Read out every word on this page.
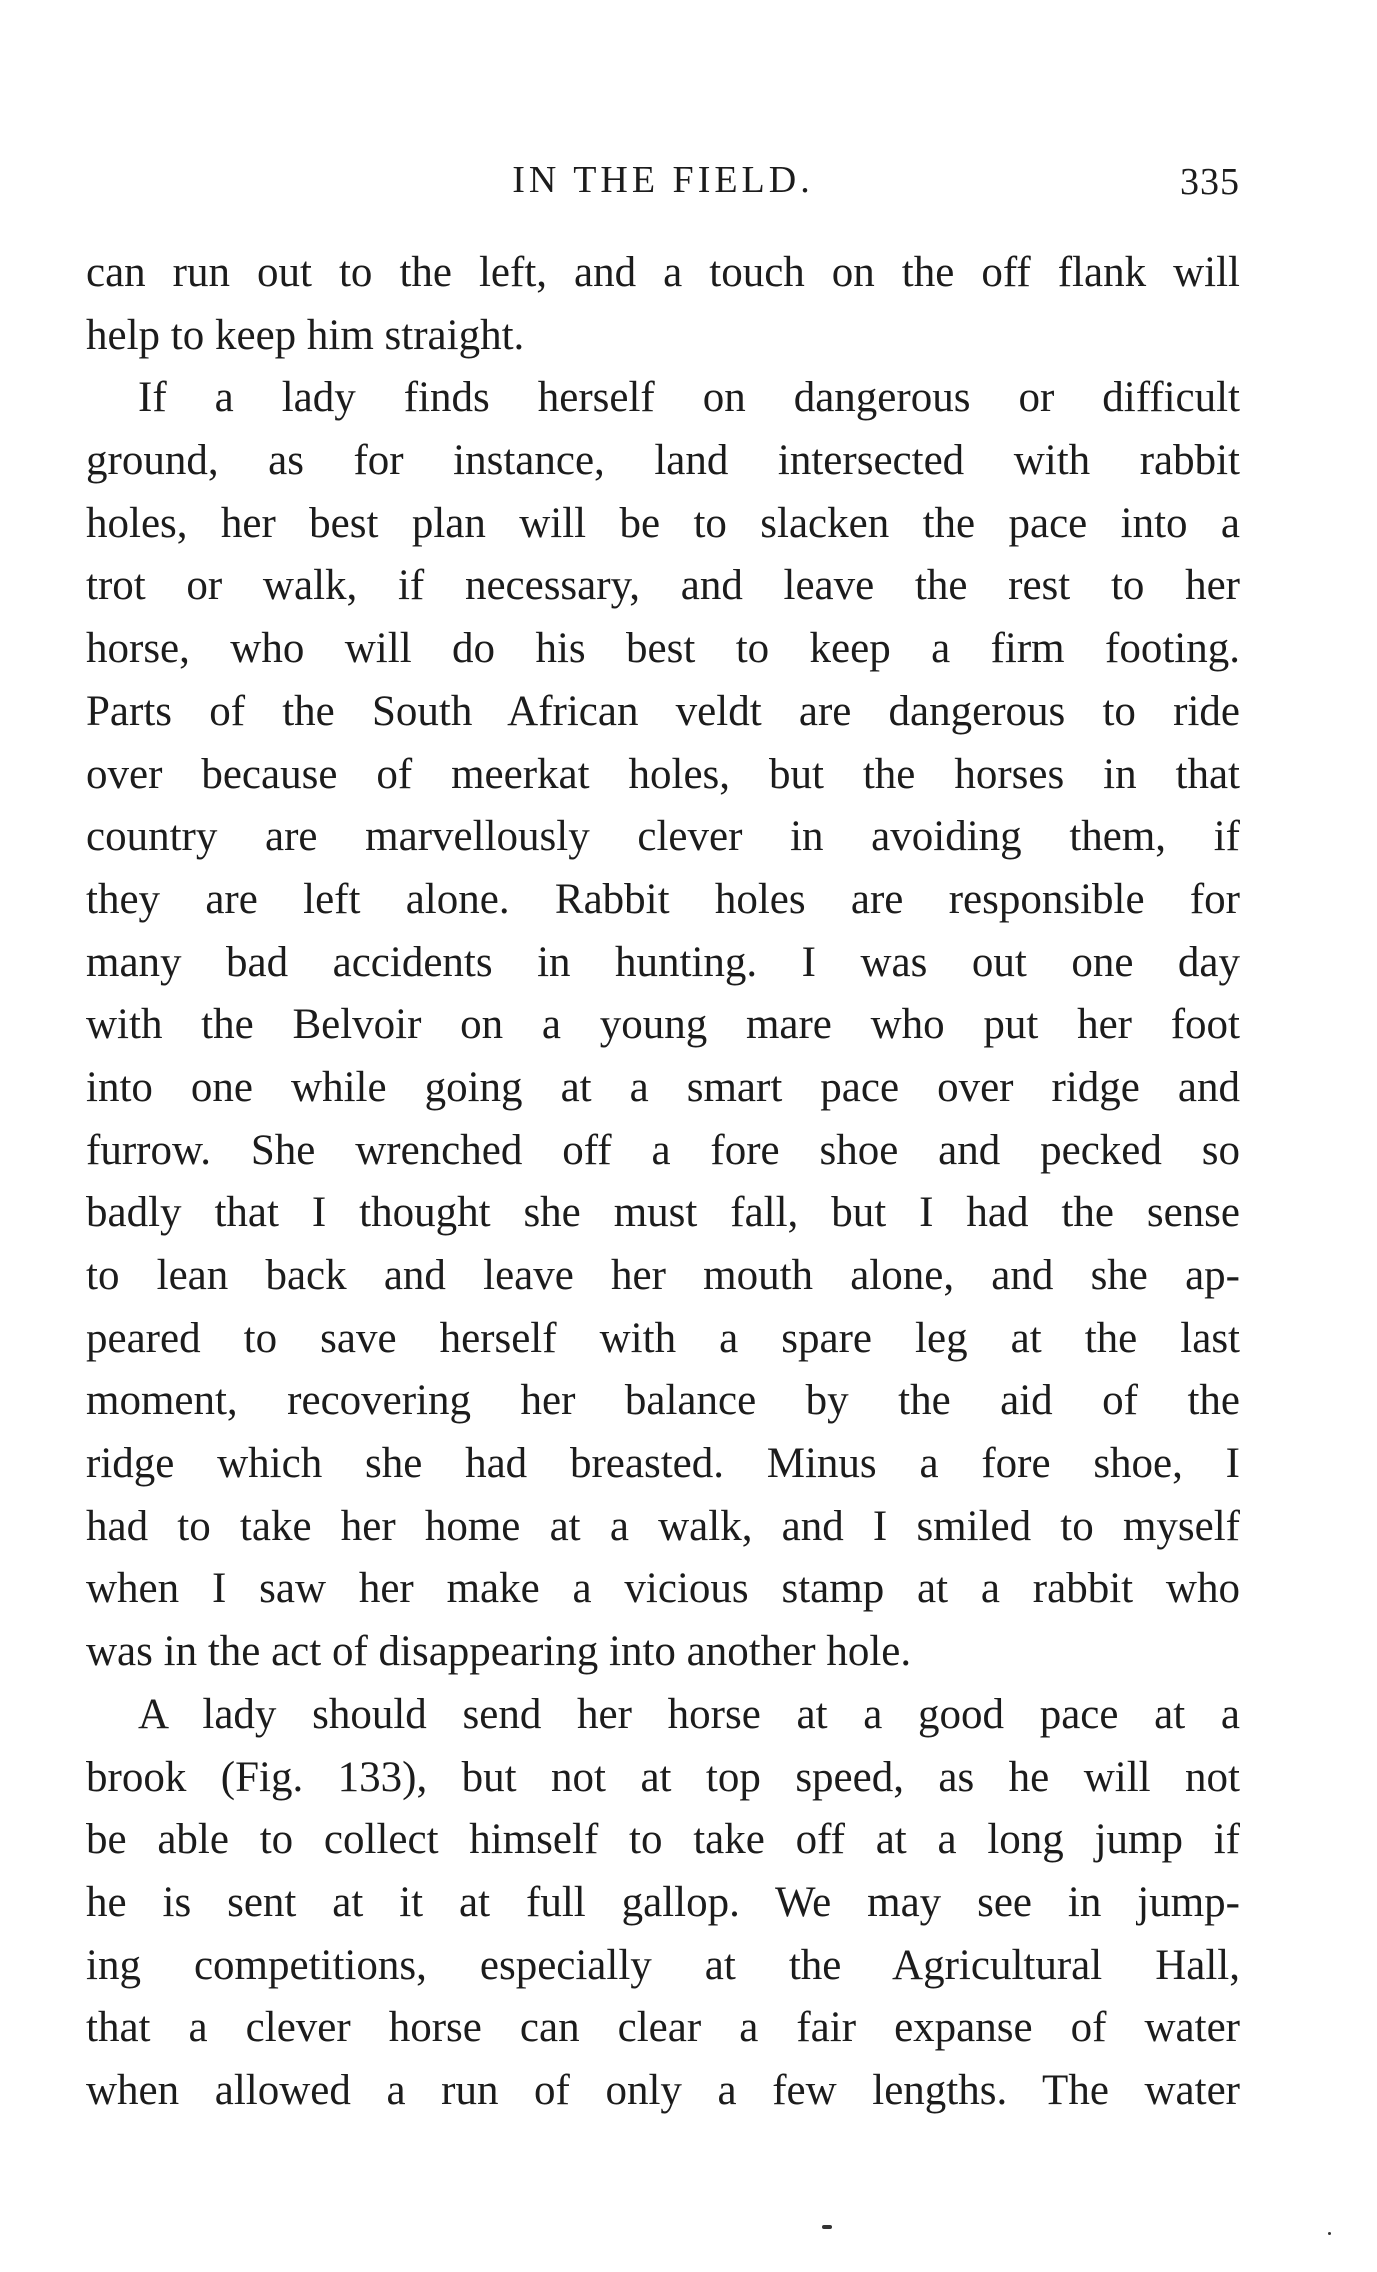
IN THE FIELD.	335
can run out to the left, and a touch on the off flank will
help to keep him straight.
If a lady finds herself on dangerous or difficult
ground, as for instance, land intersected with rabbit
holes, her best plan will be to slacken the pace into a
trot or walk, if necessary, and leave the rest to her
horse, who will do his best to keep a firm footing.
Parts of the South African veldt are dangerous to ride
over because of meerkat holes, but the horses in that
country are marvellously clever in avoiding them, if
they are left alone. Rabbit holes are responsible for
many bad accidents in hunting. I was out one day
with the Belvoir on a young mare who put her foot
into one while going at a smart pace over ridge and
furrow. She wrenched off a fore shoe and pecked so
badly that I thought she must fall, but I had the sense
to lean back and leave her mouth alone, and she ap-
peared to save herself with a spare leg at the last
moment, recovering her balance by the aid of the
ridge which she had breasted. Minus a fore shoe, I
had to take her home at a walk, and I smiled to myself
when I saw her make a vicious stamp at a rabbit who
was in the act of disappearing into another hole.
A lady should send her horse at a good pace at a
brook (Fig. 133), but not at top speed, as he will not
be able to collect himself to take off at a long jump if
he is sent at it at full gallop. We may see in jump-
ing competitions, especially at the Agricultural Hall,
that a clever horse can clear a fair expanse of water
when allowed a run of only a few lengths. The water
